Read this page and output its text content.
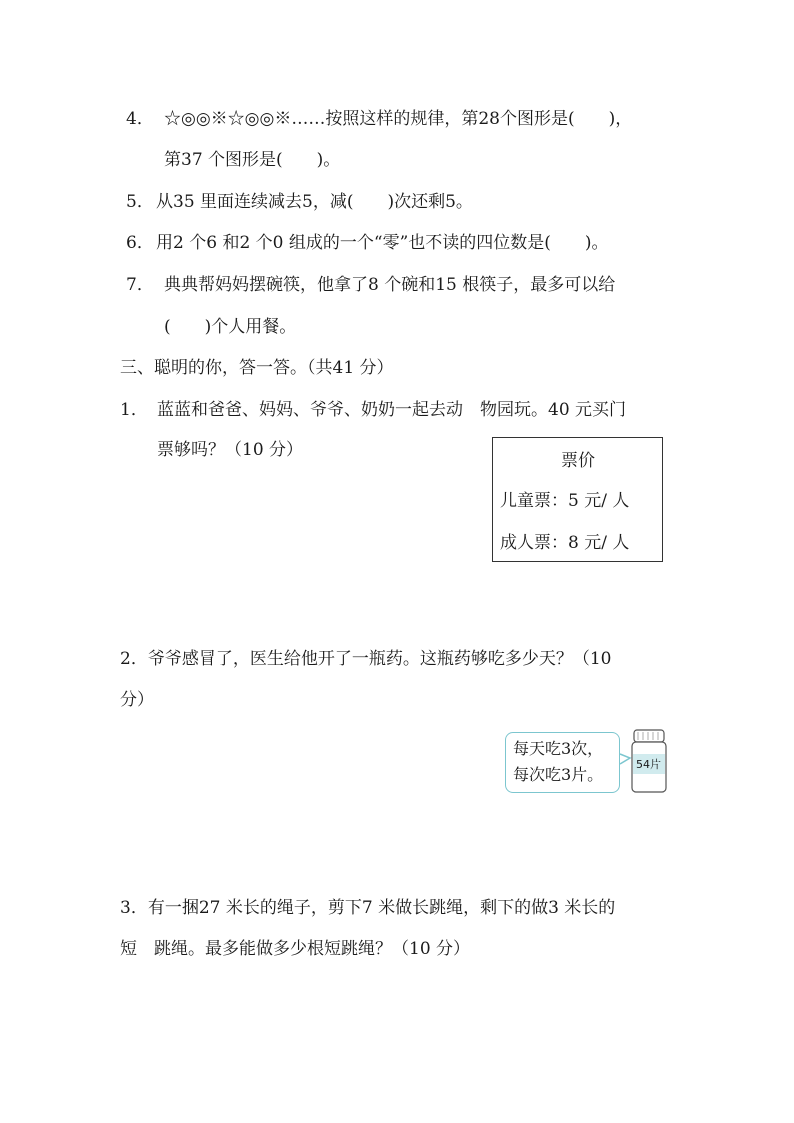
4． ☆◎◎※☆◎◎※……按照这样的规律，第28个图形是(　　)，
第37 个图形是(　　)。
5． 从35 里面连续减去5，减(　　)次还剩5。
6． 用2 个6 和2 个0 组成的一个“零”也不读的四位数是(　　)。
7． 典典帮妈妈摆碗筷，他拿了8 个碗和15 根筷子，最多可以给
(　　)个人用餐。
三、聪明的你，答一答。（共41 分）
1． 蓝蓝和爸爸、妈妈、爷爷、奶奶一起去动　物园玩。40 元买门
票够吗？（10 分）
票价
儿童票：5 元/ 人
成人票：8 元/ 人
2．爷爷感冒了，医生给他开了一瓶药。这瓶药够吃多少天？（10
分）
每天吃3次，
每次吃3片。
54片
3．有一捆27 米长的绳子，剪下7 米做长跳绳，剩下的做3 米长的
短　跳绳。最多能做多少根短跳绳？（10 分）
